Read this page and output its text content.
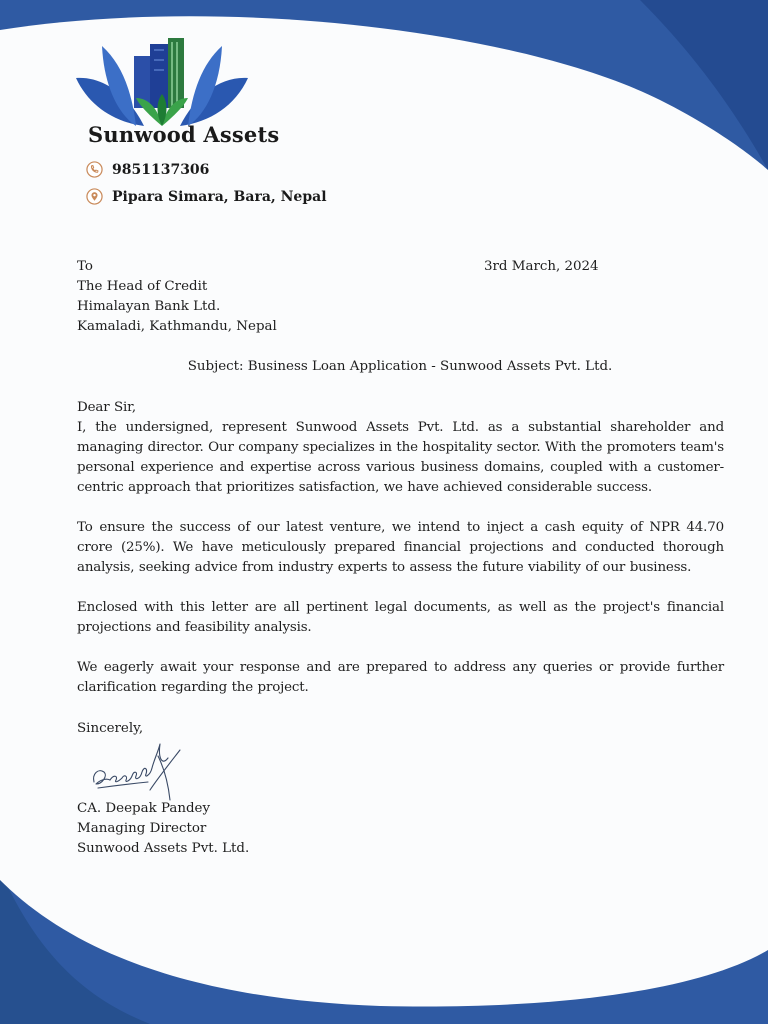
Sunwood Assets
9851137306
Pipara Simara, Bara, Nepal
To
The Head of Credit
Himalayan Bank Ltd.
Kamaladi, Kathmandu, Nepal
3rd March, 2024
Subject: Business Loan Application - Sunwood Assets Pvt. Ltd.

Dear Sir,

I, the undersigned, represent Sunwood Assets Pvt. Ltd. as a substantial shareholder and managing director. Our company specializes in the hospitality sector. With the promoters team's personal experience and expertise across various business domains, coupled with a customer-centric approach that prioritizes satisfaction, we have achieved considerable success.

To ensure the success of our latest venture, we intend to inject a cash equity of NPR 44.70 crore (25%). We have meticulously prepared financial projections and conducted thorough analysis, seeking advice from industry experts to assess the future viability of our business.

Enclosed with this letter are all pertinent legal documents, as well as the project's financial projections and feasibility analysis.

We eagerly await your response and are prepared to address any queries or provide further clarification regarding the project.

Sincerely,
CA. Deepak Pandey
Managing Director
Sunwood Assets Pvt. Ltd.
